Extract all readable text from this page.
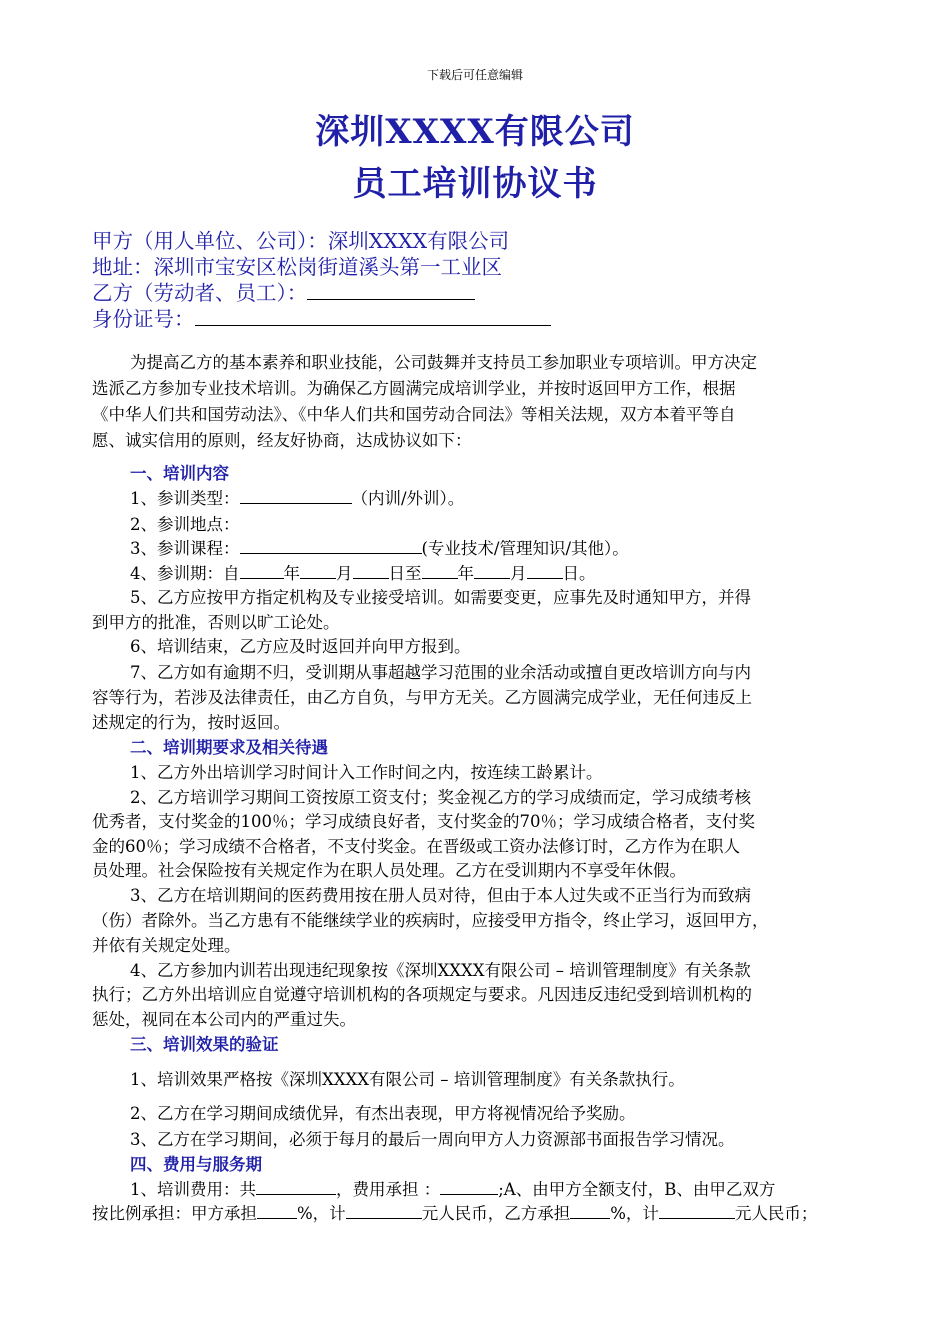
下载后可任意编辑
深圳XXXX有限公司
员工培训协议书
甲方（用人单位、公司）：深圳XXXX有限公司
地址：深圳市宝安区松岗街道溪头第一工业区
乙方（劳动者、员工）：
身份证号：
为提高乙方的基本素养和职业技能，公司鼓舞并支持员工参加职业专项培训。甲方决定
选派乙方参加专业技术培训。为确保乙方圆满完成培训学业，并按时返回甲方工作，根据
《中华人们共和国劳动法》、《中华人们共和国劳动合同法》等相关法规，双方本着平等自
愿、诚实信用的原则，经友好协商，达成协议如下：
一、培训内容
1、参训类型：	（内训/外训）。
2、参训地点：
3、参训课程：	(专业技术/管理知识/其他）。
4、参训期：自	年 月 日至 年 月 日。
5、乙方应按甲方指定机构及专业接受培训。如需要变更，应事先及时通知甲方，并得
到甲方的批准，否则以旷工论处。
6、培训结束，乙方应及时返回并向甲方报到。
7、乙方如有逾期不归，受训期从事超越学习范围的业余活动或擅自更改培训方向与内
容等行为，若涉及法律责任，由乙方自负，与甲方无关。乙方圆满完成学业，无任何违反上
述规定的行为，按时返回。
二、培训期要求及相关待遇
1、乙方外出培训学习时间计入工作时间之内，按连续工龄累计。
2、乙方培训学习期间工资按原工资支付；奖金视乙方的学习成绩而定，学习成绩考核
优秀者，支付奖金的100％；学习成绩良好者，支付奖金的70％；学习成绩合格者，支付奖
金的60％；学习成绩不合格者，不支付奖金。在晋级或工资办法修订时，乙方作为在职人
员处理。社会保险按有关规定作为在职人员处理。乙方在受训期内不享受年休假。
3、乙方在培训期间的医药费用按在册人员对待，但由于本人过失或不正当行为而致病
（伤）者除外。当乙方患有不能继续学业的疾病时，应接受甲方指令，终止学习，返回甲方，
并依有关规定处理。
4、乙方参加内训若出现违纪现象按《深圳XXXX有限公司 – 培训管理制度》有关条款
执行；乙方外出培训应自觉遵守培训机构的各项规定与要求。凡因违反违纪受到培训机构的
惩处，视同在本公司内的严重过失。
三、培训效果的验证
1、培训效果严格按《深圳XXXX有限公司 – 培训管理制度》有关条款执行。
2、乙方在学习期间成绩优异，有杰出表现，甲方将视情况给予奖励。
3、乙方在学习期间，必须于每月的最后一周向甲方人力资源部书面报告学习情况。
四、费用与服务期
1、培训费用：共	，费用承担 ：	;A、由甲方全额支付，B、由甲乙双方
按比例承担：甲方承担 %，计	元人民币，乙方承担 %，计	元人民币；
